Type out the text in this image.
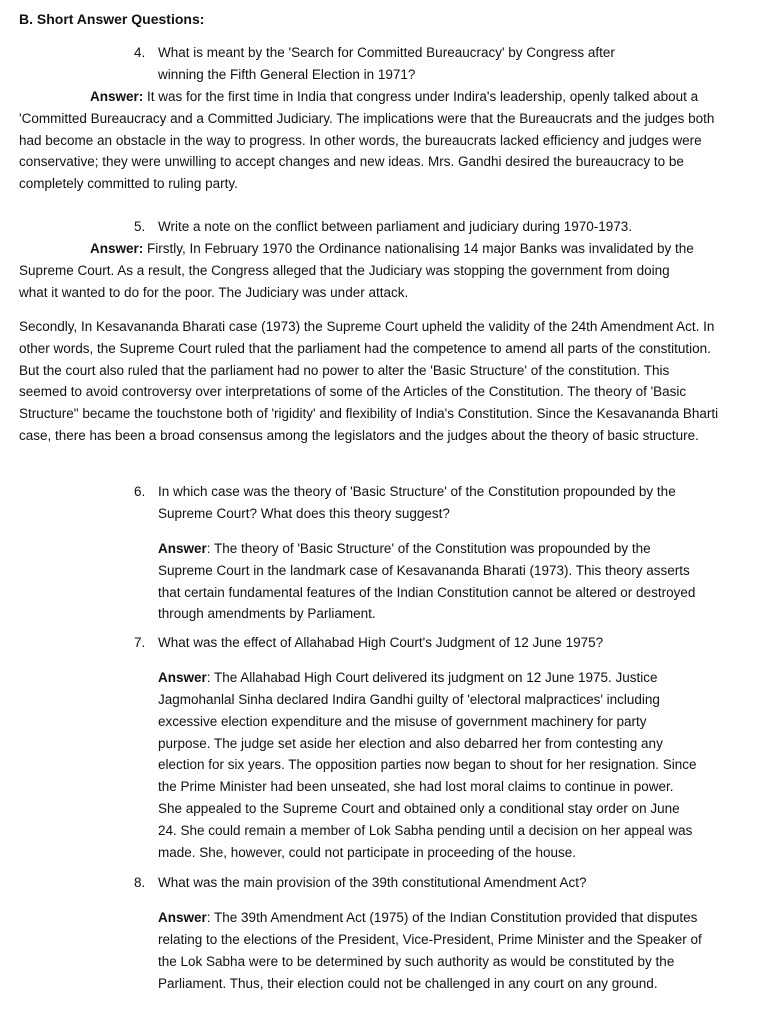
B. Short Answer Questions:
4. What is meant by the 'Search for Committed Bureaucracy' by Congress after winning the Fifth General Election in 1971?

Answer: It was for the first time in India that congress under Indira's leadership, openly talked about a 'Committed Bureaucracy and a Committed Judiciary. The implications were that the Bureaucrats and the judges both had become an obstacle in the way to progress. In other words, the bureaucrats lacked efficiency and judges were conservative; they were unwilling to accept changes and new ideas. Mrs. Gandhi desired the bureaucracy to be completely committed to ruling party.

5. Write a note on the conflict between parliament and judiciary during 1970-1973.

Answer: Firstly, In February 1970 the Ordinance nationalising 14 major Banks was invalidated by the Supreme Court. As a result, the Congress alleged that the Judiciary was stopping the government from doing what it wanted to do for the poor. The Judiciary was under attack.

Secondly, In Kesavananda Bharati case (1973) the Supreme Court upheld the validity of the 24th Amendment Act. In other words, the Supreme Court ruled that the parliament had the competence to amend all parts of the constitution. But the court also ruled that the parliament had no power to alter the 'Basic Structure' of the constitution. This seemed to avoid controversy over interpretations of some of the Articles of the Constitution. The theory of 'Basic Structure" became the touchstone both of 'rigidity' and flexibility of India's Constitution. Since the Kesavananda Bharti case, there has been a broad consensus among the legislators and the judges about the theory of basic structure.

6. In which case was the theory of 'Basic Structure' of the Constitution propounded by the Supreme Court? What does this theory suggest?

Answer: The theory of 'Basic Structure' of the Constitution was propounded by the Supreme Court in the landmark case of Kesavananda Bharati (1973). This theory asserts that certain fundamental features of the Indian Constitution cannot be altered or destroyed through amendments by Parliament.

7. What was the effect of Allahabad High Court's Judgment of 12 June 1975?

Answer: The Allahabad High Court delivered its judgment on 12 June 1975. Justice Jagmohanlal Sinha declared Indira Gandhi guilty of 'electoral malpractices' including excessive election expenditure and the misuse of government machinery for party purpose. The judge set aside her election and also debarred her from contesting any election for six years. The opposition parties now began to shout for her resignation. Since the Prime Minister had been unseated, she had lost moral claims to continue in power. She appealed to the Supreme Court and obtained only a conditional stay order on June 24. She could remain a member of Lok Sabha pending until a decision on her appeal was made. She, however, could not participate in proceeding of the house.

8. What was the main provision of the 39th constitutional Amendment Act?

Answer: The 39th Amendment Act (1975) of the Indian Constitution provided that disputes relating to the elections of the President, Vice-President, Prime Minister and the Speaker of the Lok Sabha were to be determined by such authority as would be constituted by the Parliament. Thus, their election could not be challenged in any court on any ground.
